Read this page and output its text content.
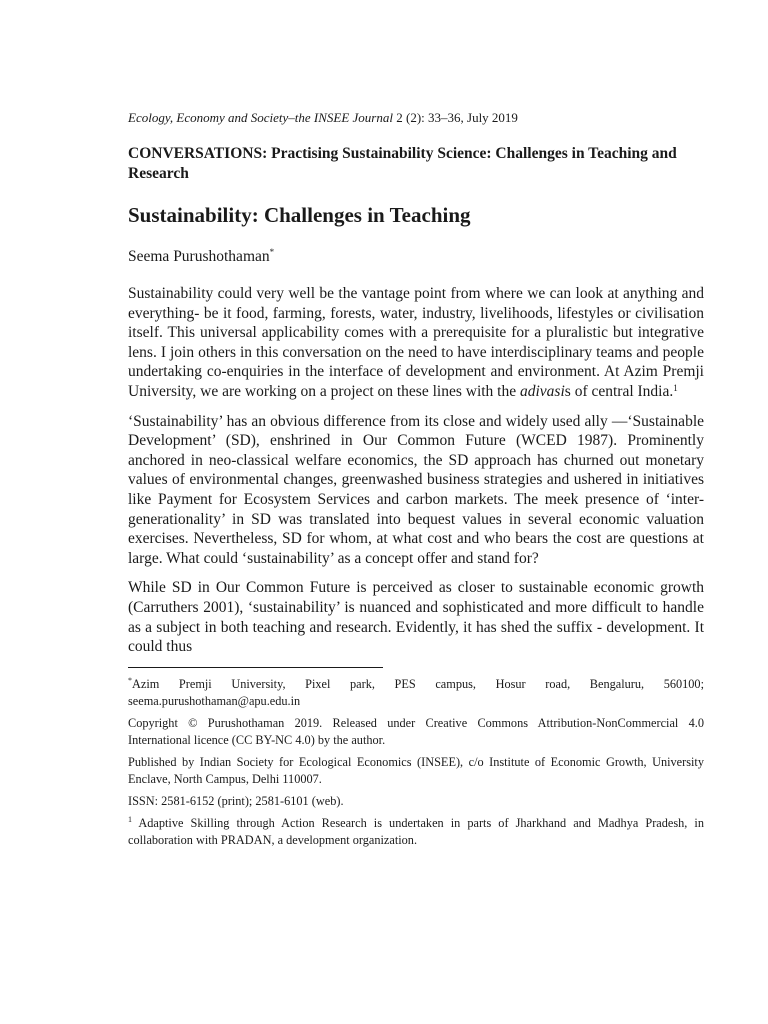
Ecology, Economy and Society–the INSEE Journal 2 (2): 33–36, July 2019
CONVERSATIONS: Practising Sustainability Science: Challenges in Teaching and Research
Sustainability: Challenges in Teaching
Seema Purushothaman*

Sustainability could very well be the vantage point from where we can look at anything and everything- be it food, farming, forests, water, industry, livelihoods, lifestyles or civilisation itself. This universal applicability comes with a prerequisite for a pluralistic but integrative lens. I join others in this conversation on the need to have interdisciplinary teams and people undertaking co-enquiries in the interface of development and environment. At Azim Premji University, we are working on a project on these lines with the adivasis of central India.$^1$

‘Sustainability’ has an obvious difference from its close and widely used ally —‘Sustainable Development’ (SD), enshrined in Our Common Future (WCED 1987). Prominently anchored in neo-classical welfare economics, the SD approach has churned out monetary values of environmental changes, greenwashed business strategies and ushered in initiatives like Payment for Ecosystem Services and carbon markets. The meek presence of ‘inter-generationality’ in SD was translated into bequest values in several economic valuation exercises. Nevertheless, SD for whom, at what cost and who bears the cost are questions at large. What could ‘sustainability’ as a concept offer and stand for?

While SD in Our Common Future is perceived as closer to sustainable economic growth (Carruthers 2001), ‘sustainability’ is nuanced and sophisticated and more difficult to handle as a subject in both teaching and research. Evidently, it has shed the suffix - development. It could thus

*Azim Premji University, Pixel park, PES campus, Hosur road, Bengaluru, 560100; seema.purushothaman@apu.edu.in

Copyright © Purushothaman 2019. Released under Creative Commons Attribution-NonCommercial 4.0 International licence (CC BY-NC 4.0) by the author.

Published by Indian Society for Ecological Economics (INSEE), c/o Institute of Economic Growth, University Enclave, North Campus, Delhi 110007.

ISSN: 2581-6152 (print); 2581-6101 (web).

$^1$ Adaptive Skilling through Action Research is undertaken in parts of Jharkhand and Madhya Pradesh, in collaboration with PRADAN, a development organization.
